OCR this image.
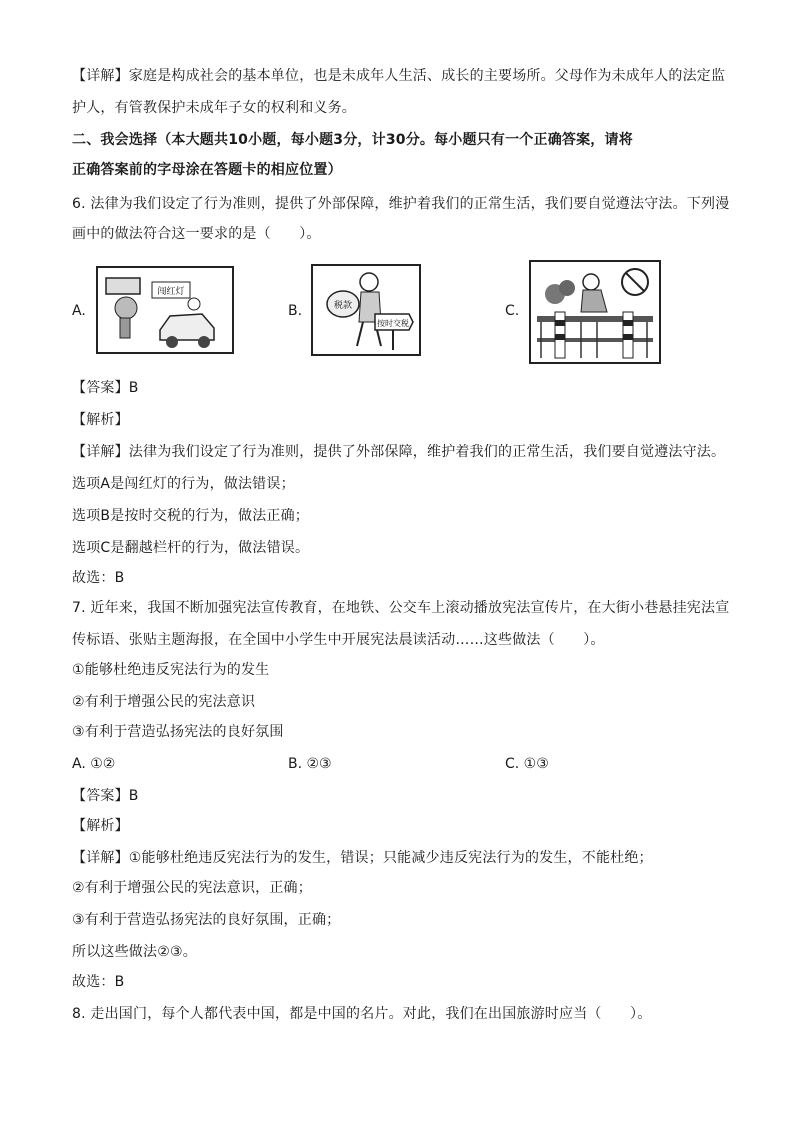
【详解】家庭是构成社会的基本单位，也是未成年人生活、成长的主要场所。父母作为未成年人的法定监
护人，有管教保护未成年子女的权利和义务。
二、我会选择（本大题共10小题，每小题3分，计30分。每小题只有一个正确答案，请将
正确答案前的字母涂在答题卡的相应位置）
6. 法律为我们设定了行为准则，提供了外部保障，维护着我们的正常生活，我们要自觉遵法守法。下列漫
画中的做法符合这一要求的是（　　）。
A.
闯红灯
B.	税款
按时交税
C.
【答案】B
【解析】
【详解】法律为我们设定了行为准则，提供了外部保障，维护着我们的正常生活，我们要自觉遵法守法。
选项A是闯红灯的行为，做法错误；
选项B是按时交税的行为，做法正确；
选项C是翻越栏杆的行为，做法错误。
故选：B
7. 近年来，我国不断加强宪法宣传教育，在地铁、公交车上滚动播放宪法宣传片，在大街小巷悬挂宪法宣
传标语、张贴主题海报，在全国中小学生中开展宪法晨读活动……这些做法（　　）。
①能够杜绝违反宪法行为的发生
②有利于增强公民的宪法意识
③有利于营造弘扬宪法的良好氛围
A. ①②	B. ②③	C. ①③
【答案】B
【解析】
【详解】①能够杜绝违反宪法行为的发生，错误；只能减少违反宪法行为的发生，不能杜绝；
②有利于增强公民的宪法意识，正确；
③有利于营造弘扬宪法的良好氛围，正确；
所以这些做法②③。
故选：B
8. 走出国门，每个人都代表中国，都是中国的名片。对此，我们在出国旅游时应当（　　）。
